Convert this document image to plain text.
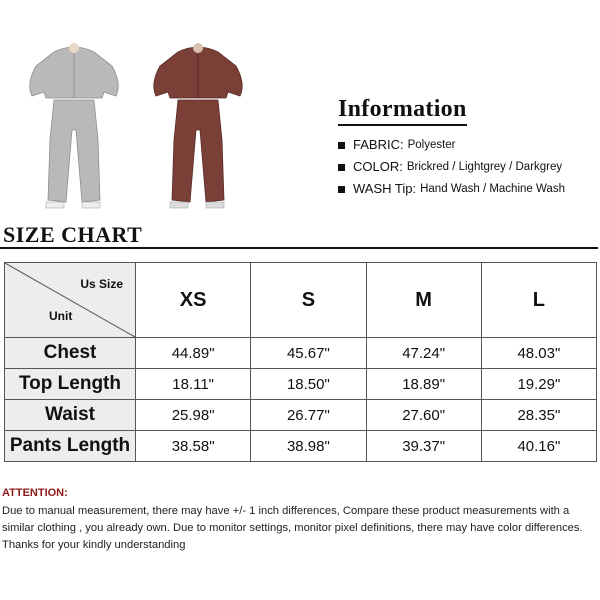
Information
FABRIC: Polyester
COLOR: Brickred / Lightgrey / Darkgrey
WASH Tip: Hand Wash / Machine Wash
SIZE CHART
Us Size
Unit	XS	S	M	L
Chest	44.89"	45.67"	47.24"	48.03"
Top Length	18.11"	18.50"	18.89"	19.29"
Waist	25.98"	26.77"	27.60"	28.35"
Pants Length	38.58"	38.98"	39.37"	40.16"
ATTENTION:
Due to manual measurement, there may have +/- 1 inch differences, Compare these product measurements with a similar clothing , you already own. Due to monitor settings, monitor pixel definitions, there may have color differences. Thanks for your kindly understanding
